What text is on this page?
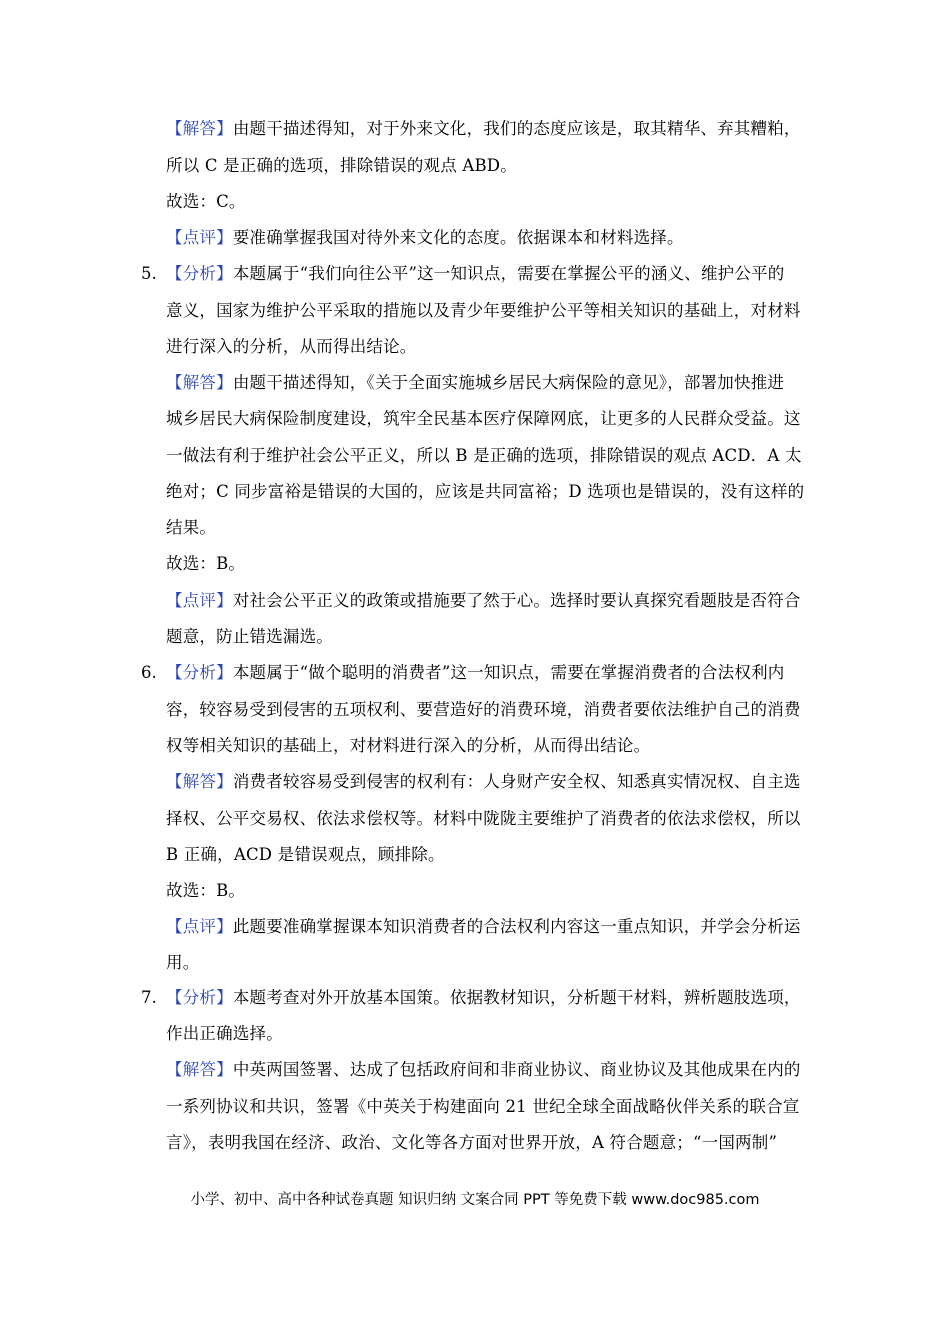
【解答】由题干描述得知，对于外来文化，我们的态度应该是，取其精华、弃其糟粕，
所以 C 是正确的选项，排除错误的观点 ABD。
故选：C。
【点评】要准确掌握我国对待外来文化的态度。依据课本和材料选择。
5. 【分析】本题属于“我们向往公平”这一知识点，需要在掌握公平的涵义、维护公平的
意义，国家为维护公平采取的措施以及青少年要维护公平等相关知识的基础上，对材料
进行深入的分析，从而得出结论。
【解答】由题干描述得知，《关于全面实施城乡居民大病保险的意见》，部署加快推进
城乡居民大病保险制度建设，筑牢全民基本医疗保障网底，让更多的人民群众受益。这
一做法有利于维护社会公平正义，所以 B 是正确的选项，排除错误的观点 ACD．A 太
绝对；C 同步富裕是错误的大国的，应该是共同富裕；D 选项也是错误的，没有这样的
结果。
故选：B。
【点评】对社会公平正义的政策或措施要了然于心。选择时要认真探究看题肢是否符合
题意，防止错选漏选。
6. 【分析】本题属于“做个聪明的消费者”这一知识点，需要在掌握消费者的合法权利内
容，较容易受到侵害的五项权利、要营造好的消费环境，消费者要依法维护自己的消费
权等相关知识的基础上，对材料进行深入的分析，从而得出结论。
【解答】消费者较容易受到侵害的权利有：人身财产安全权、知悉真实情况权、自主选
择权、公平交易权、依法求偿权等。材料中陇陇主要维护了消费者的依法求偿权，所以
B 正确，ACD 是错误观点，顾排除。
故选：B。
【点评】此题要准确掌握课本知识消费者的合法权利内容这一重点知识，并学会分析运
用。
7. 【分析】本题考查对外开放基本国策。依据教材知识，分析题干材料，辨析题肢选项，
作出正确选择。
【解答】中英两国签署、达成了包括政府间和非商业协议、商业协议及其他成果在内的
一系列协议和共识，签署《中英关于构建面向 21 世纪全球全面战略伙伴关系的联合宣
言》，表明我国在经济、政治、文化等各方面对世界开放，A 符合题意；“一国两制”
小学、初中、高中各种试卷真题 知识归纳 文案合同 PPT 等免费下载 www.doc985.com
